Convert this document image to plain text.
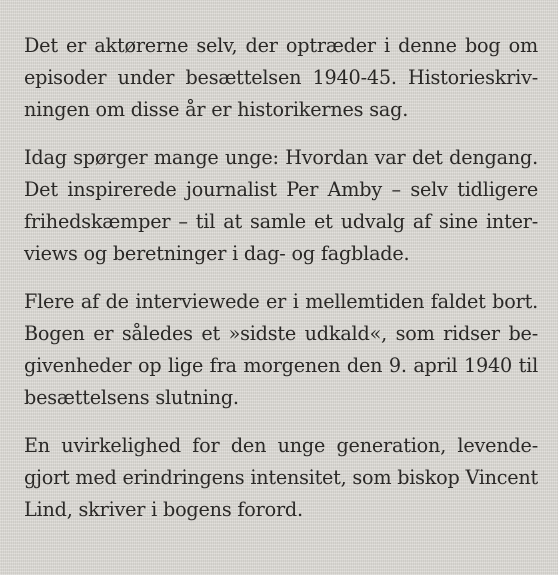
Det er aktørerne selv, der optræder i denne bog om
episoder under besættelsen 1940-45. Historieskriv-
ningen om disse år er historikernes sag.

Idag spørger mange unge: Hvordan var det dengang.
Det inspirerede journalist Per Amby – selv tidligere
frihedskæmper – til at samle et udvalg af sine inter-
views og beretninger i dag- og fagblade.

Flere af de interviewede er i mellemtiden faldet bort.
Bogen er således et »sidste udkald«, som ridser be-
givenheder op lige fra morgenen den 9. april 1940 til
besættelsens slutning.

En uvirkelighed for den unge generation, levende-
gjort med erindringens intensitet, som biskop Vincent
Lind, skriver i bogens forord.
